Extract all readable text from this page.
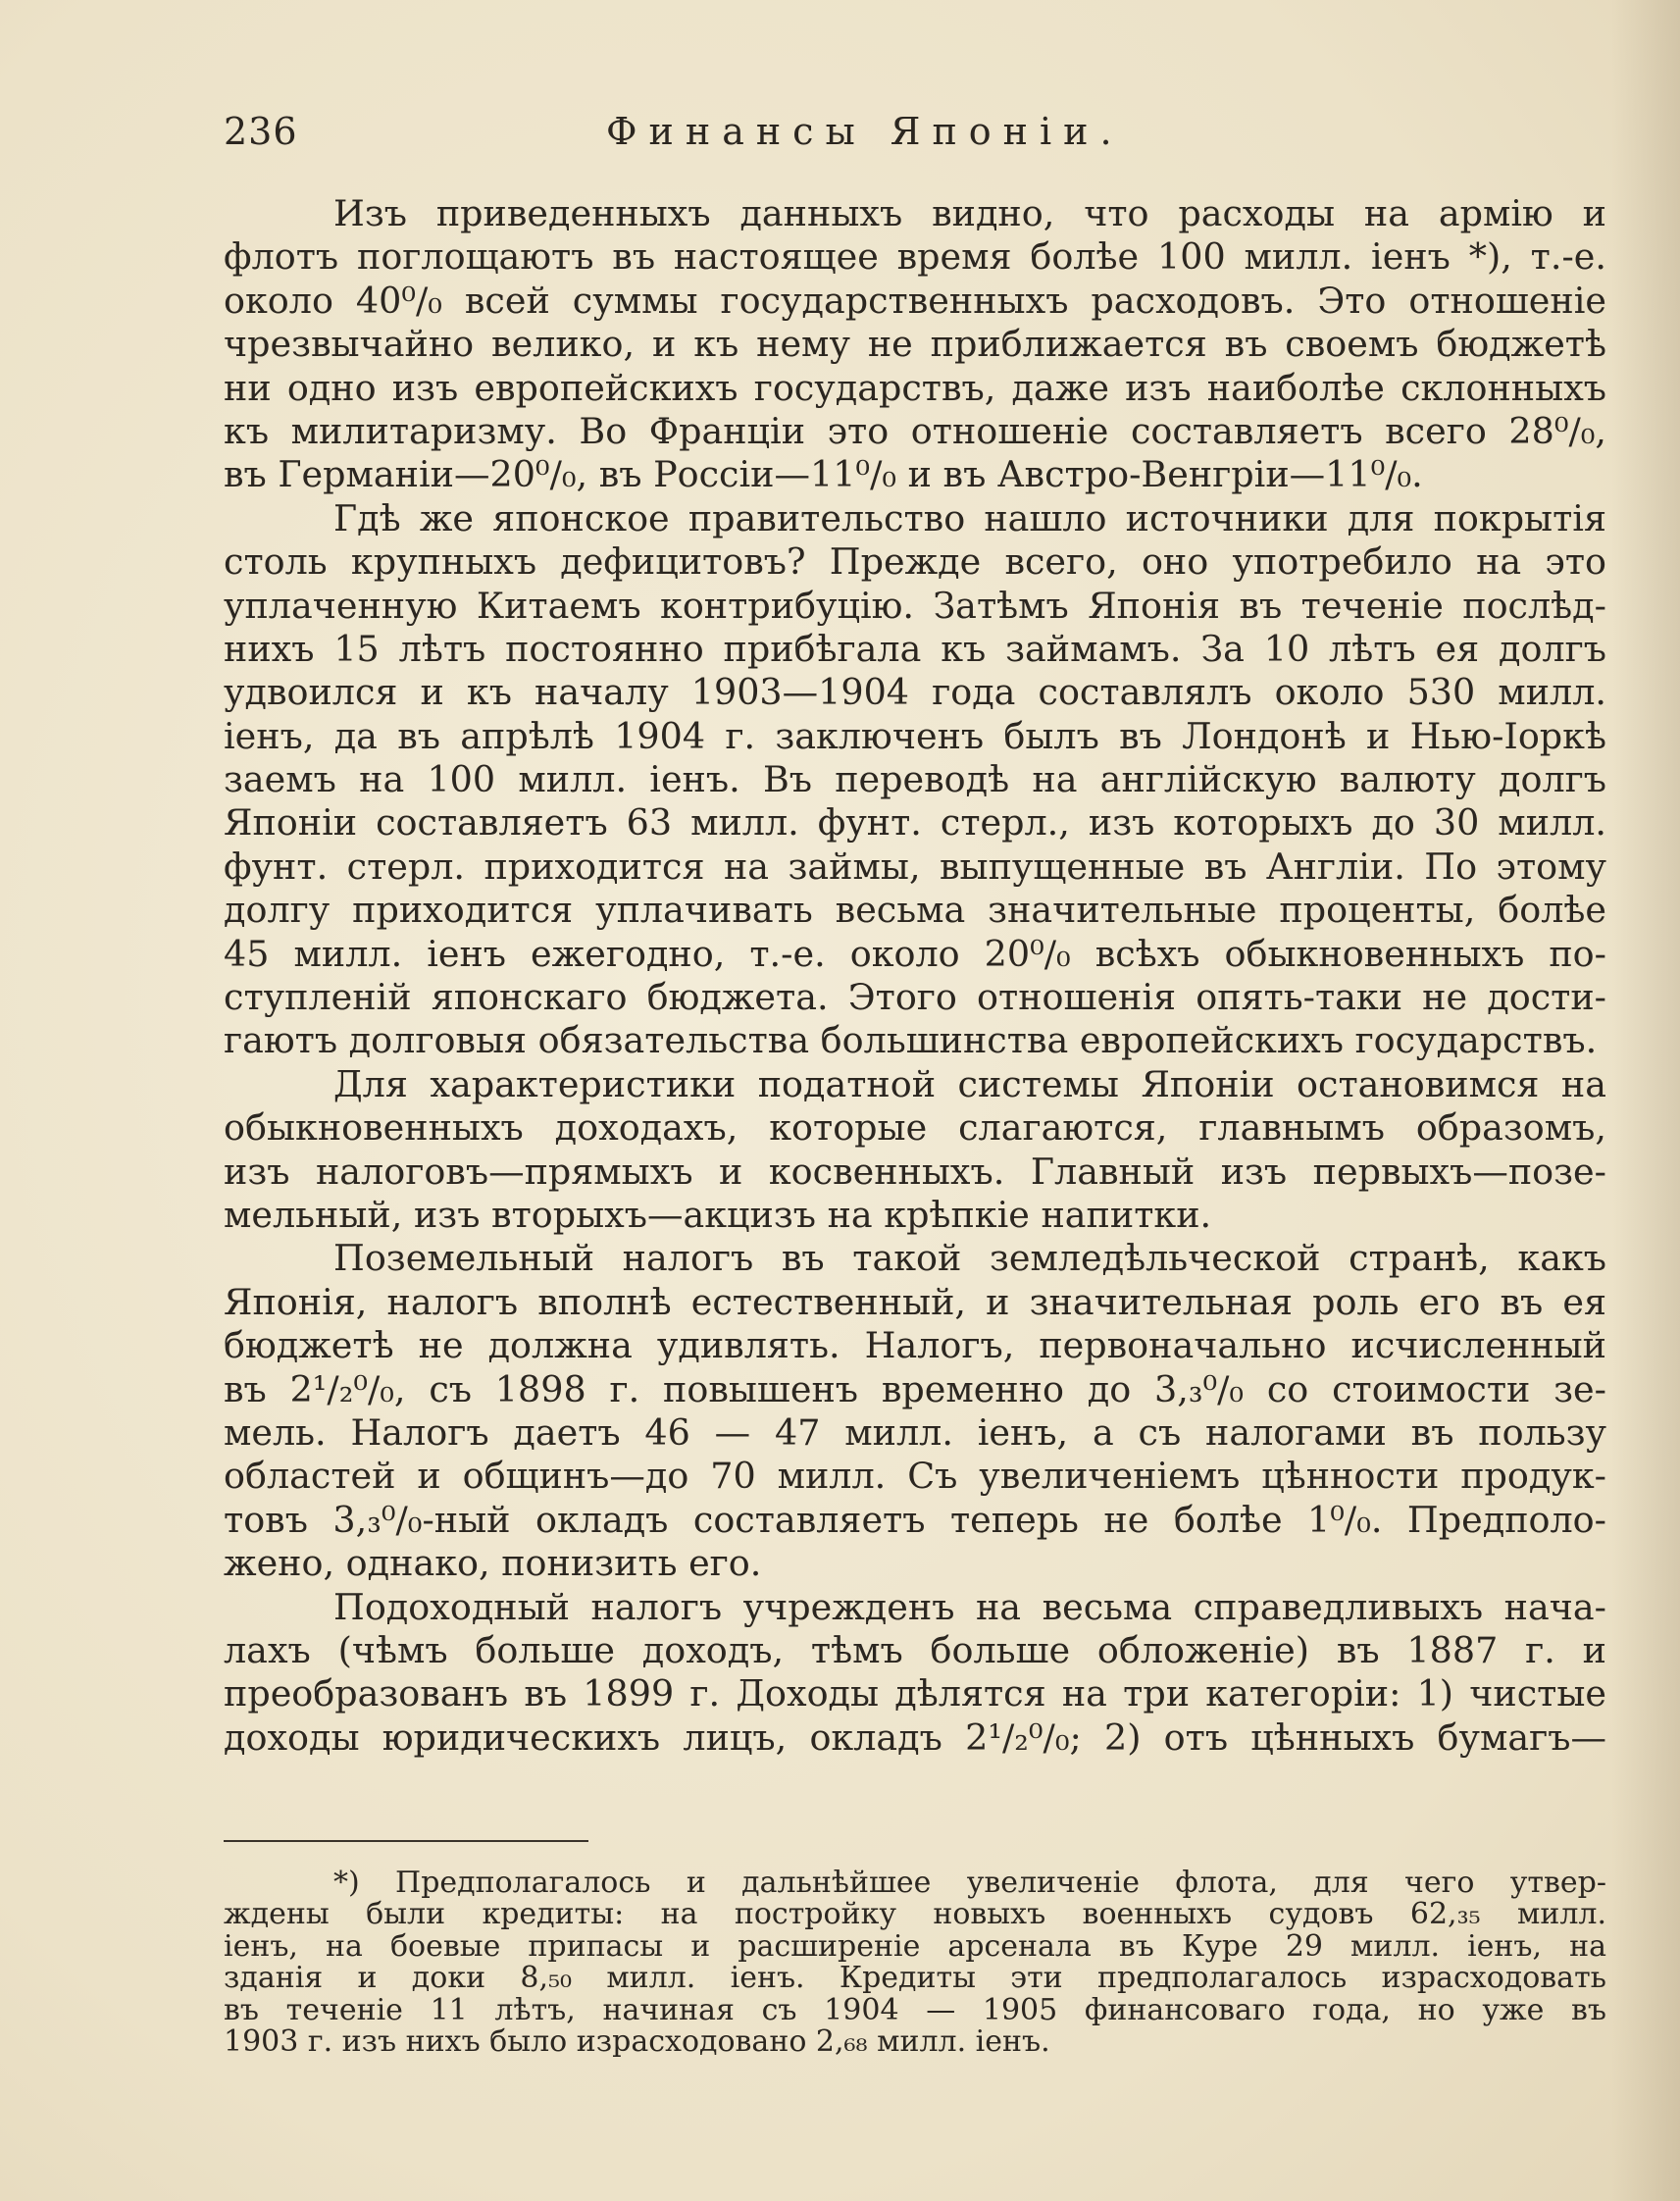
236	Финансы Японіи.
Изъ приведенныхъ данныхъ видно, что расходы на армію и
флотъ поглощаютъ въ настоящее время болѣе 100 милл. іенъ *), т.-е.
около 40⁰/₀ всей суммы государственныхъ расходовъ. Это отношеніе
чрезвычайно велико, и къ нему не приближается въ своемъ бюджетѣ
ни одно изъ европейскихъ государствъ, даже изъ наиболѣе склонныхъ
къ милитаризму. Во Франціи это отношеніе составляетъ всего 28⁰/₀,
въ Германіи—20⁰/₀, въ Россіи—11⁰/₀ и въ Австро-Венгріи—11⁰/₀.
Гдѣ же японское правительство нашло источники для покрытія
столь крупныхъ дефицитовъ? Прежде всего, оно употребило на это
уплаченную Китаемъ контрибуцію. Затѣмъ Японія въ теченіе послѣд-
нихъ 15 лѣтъ постоянно прибѣгала къ займамъ. За 10 лѣтъ ея долгъ
удвоился и къ началу 1903—1904 года составлялъ около 530 милл.
іенъ, да въ апрѣлѣ 1904 г. заключенъ былъ въ Лондонѣ и Нью-Іоркѣ
заемъ на 100 милл. іенъ. Въ переводѣ на англійскую валюту долгъ
Японіи составляетъ 63 милл. фунт. стерл., изъ которыхъ до 30 милл.
фунт. стерл. приходится на займы, выпущенные въ Англіи. По этому
долгу приходится уплачивать весьма значительные проценты, болѣе
45 милл. іенъ ежегодно, т.-е. около 20⁰/₀ всѣхъ обыкновенныхъ по-
ступленій японскаго бюджета. Этого отношенія опять-таки не дости-
гаютъ долговыя обязательства большинства европейскихъ государствъ.
Для характеристики податной системы Японіи остановимся на
обыкновенныхъ доходахъ, которые слагаются, главнымъ образомъ,
изъ налоговъ—прямыхъ и косвенныхъ. Главный изъ первыхъ—позе-
мельный, изъ вторыхъ—акцизъ на крѣпкіе напитки.
Поземельный налогъ въ такой земледѣльческой странѣ, какъ
Японія, налогъ вполнѣ естественный, и значительная роль его въ ея
бюджетѣ не должна удивлять. Налогъ, первоначально исчисленный
въ 2¹/₂⁰/₀, съ 1898 г. повышенъ временно до 3,₃⁰/₀ со стоимости зе-
мель. Налогъ даетъ 46 — 47 милл. іенъ, а съ налогами въ пользу
областей и общинъ—до 70 милл. Съ увеличеніемъ цѣнности продук-
товъ 3,₃⁰/₀-ный окладъ составляетъ теперь не болѣе 1⁰/₀. Предполо-
жено, однако, понизить его.
Подоходный налогъ учрежденъ на весьма справедливыхъ нача-
лахъ (чѣмъ больше доходъ, тѣмъ больше обложеніе) въ 1887 г. и
преобразованъ въ 1899 г. Доходы дѣлятся на три категоріи: 1) чистые
доходы юридическихъ лицъ, окладъ 2¹/₂⁰/₀; 2) отъ цѣнныхъ бумагъ—
*) Предполагалось и дальнѣйшее увеличеніе флота, для чего утвер-
ждены были кредиты: на постройку новыхъ военныхъ судовъ 62,₃₅ милл.
іенъ, на боевые припасы и расширеніе арсенала въ Куре 29 милл. іенъ, на
зданія и доки 8,₅₀ милл. іенъ. Кредиты эти предполагалось израсходовать
въ теченіе 11 лѣтъ, начиная съ 1904 — 1905 финансоваго года, но уже въ
1903 г. изъ нихъ было израсходовано 2,₆₈ милл. іенъ.
